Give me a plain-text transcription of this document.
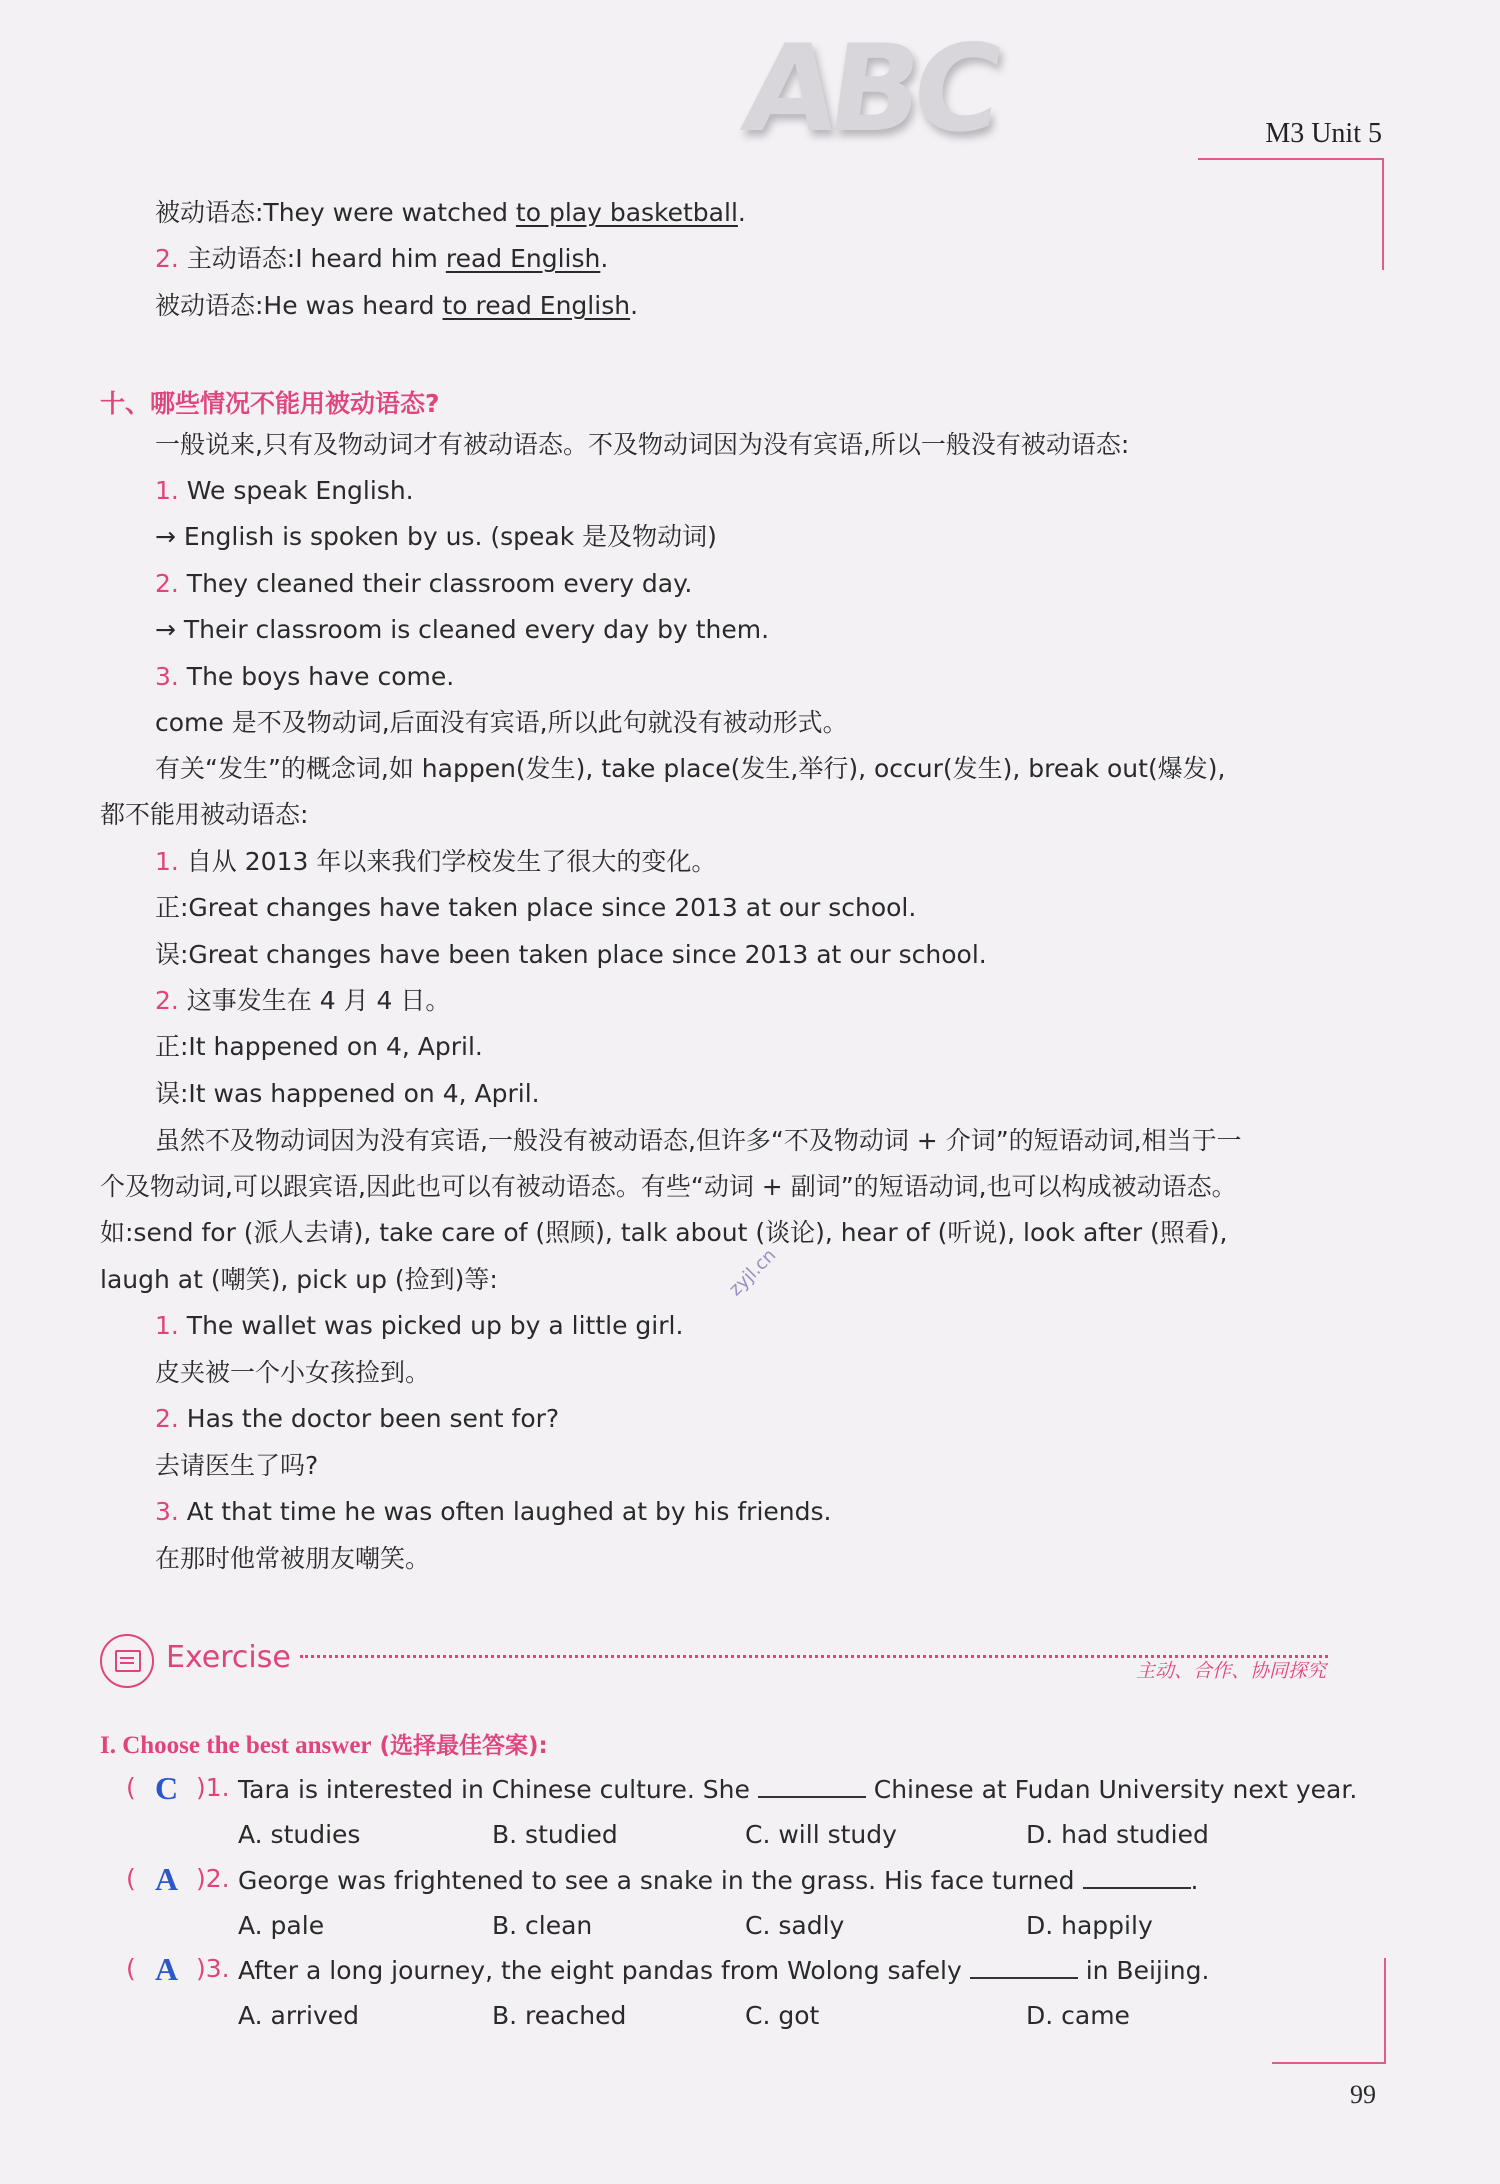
ABC	M3 Unit 5
被动语态:They were watched to play basketball.
2. 主动语态:I heard him read English.
被动语态:He was heard to read English.
十、哪些情况不能用被动语态?
一般说来,只有及物动词才有被动语态。不及物动词因为没有宾语,所以一般没有被动语态:
1. We speak English.
→ English is spoken by us. (speak 是及物动词)
2. They cleaned their classroom every day.
→ Their classroom is cleaned every day by them.
3. The boys have come.
come 是不及物动词,后面没有宾语,所以此句就没有被动形式。
有关“发生”的概念词,如 happen(发生), take place(发生,举行), occur(发生), break out(爆发),
都不能用被动语态:
1. 自从 2013 年以来我们学校发生了很大的变化。
正:Great changes have taken place since 2013 at our school.
误:Great changes have been taken place since 2013 at our school.
2. 这事发生在 4 月 4 日。
正:It happened on 4, April.
误:It was happened on 4, April.
虽然不及物动词因为没有宾语,一般没有被动语态,但许多“不及物动词 + 介词”的短语动词,相当于一
个及物动词,可以跟宾语,因此也可以有被动语态。有些“动词 + 副词”的短语动词,也可以构成被动语态。
如:send for (派人去请), take care of (照顾), talk about (谈论), hear of (听说), look after (照看),
laugh at (嘲笑), pick up (捡到)等:	zyjl.cn
1. The wallet was picked up by a little girl.
皮夹被一个小女孩捡到。
2. Has the doctor been sent for?
去请医生了吗?
3. At that time he was often laughed at by his friends.
在那时他常被朋友嘲笑。
Exercise	主动、合作、协同探究
I. Choose the best answer (选择最佳答案):
( C )1. Tara is interested in Chinese culture. She	Chinese at Fudan University next year.
A. studies	B. studied	C. will study	D. had studied
( A )2. George was frightened to see a snake in the grass. His face turned	.
A. pale	B. clean	C. sadly	D. happily
( A )3. After a long journey, the eight pandas from Wolong safely	in Beijing.
A. arrived	B. reached	C. got	D. came
99
